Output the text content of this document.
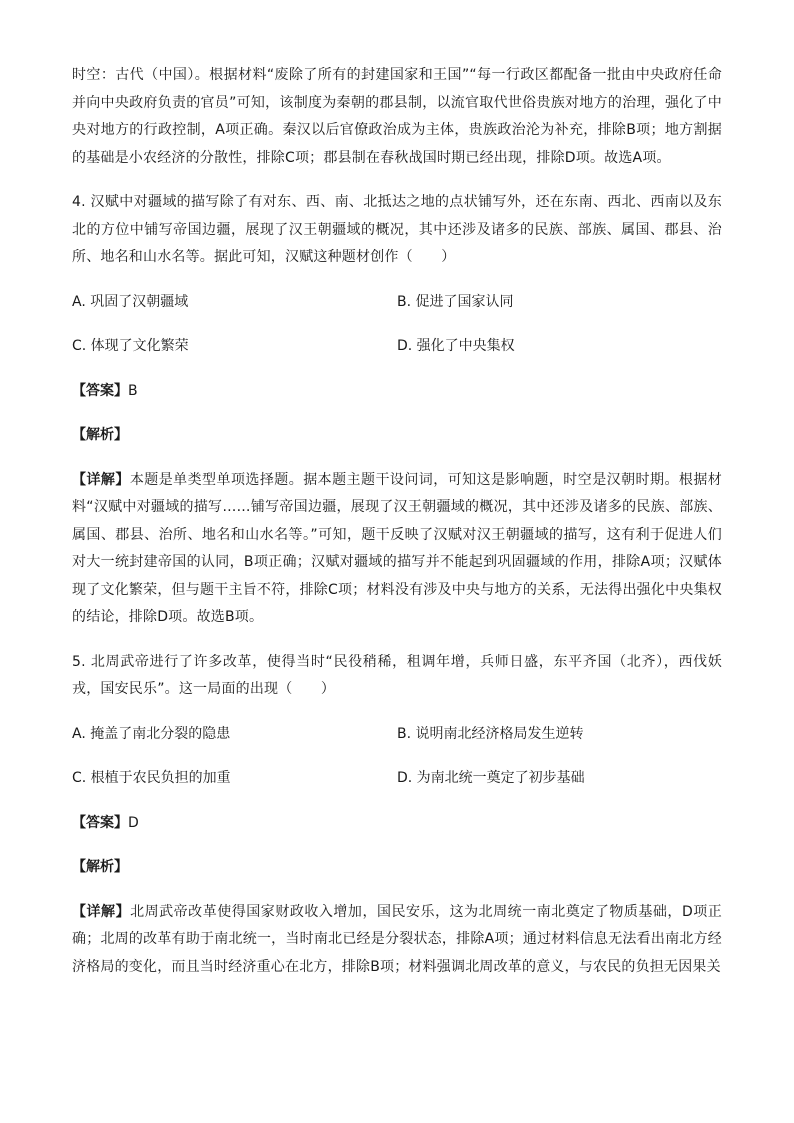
时空：古代（中国）。根据材料“废除了所有的封建国家和王国”“每一行政区都配备一批由中央政府任命并向中央政府负责的官员”可知，该制度为秦朝的郡县制，以流官取代世俗贵族对地方的治理，强化了中央对地方的行政控制，A项正确。秦汉以后官僚政治成为主体，贵族政治沦为补充，排除B项；地方割据的基础是小农经济的分散性，排除C项；郡县制在春秋战国时期已经出现，排除D项。故选A项。

4. 汉赋中对疆域的描写除了有对东、西、南、北抵达之地的点状铺写外，还在东南、西北、西南以及东北的方位中铺写帝国边疆，展现了汉王朝疆域的概况，其中还涉及诸多的民族、部族、属国、郡县、治所、地名和山水名等。据此可知，汉赋这种题材创作（　　）

A. 巩固了汉朝疆域	B. 促进了国家认同
C. 体现了文化繁荣	D. 强化了中央集权

【答案】B

【解析】

【详解】本题是单类型单项选择题。据本题主题干设问词，可知这是影响题，时空是汉朝时期。根据材料“汉赋中对疆域的描写……铺写帝国边疆，展现了汉王朝疆域的概况，其中还涉及诸多的民族、部族、属国、郡县、治所、地名和山水名等。”可知，题干反映了汉赋对汉王朝疆域的描写，这有利于促进人们对大一统封建帝国的认同，B项正确；汉赋对疆域的描写并不能起到巩固疆域的作用，排除A项；汉赋体现了文化繁荣，但与题干主旨不符，排除C项；材料没有涉及中央与地方的关系，无法得出强化中央集权的结论，排除D项。故选B项。

5. 北周武帝进行了许多改革，使得当时“民役稍稀，租调年增，兵师日盛，东平齐国（北齐），西伐妖戎，国安民乐”。这一局面的出现（　　）

A. 掩盖了南北分裂的隐患	B. 说明南北经济格局发生逆转
C. 根植于农民负担的加重	D. 为南北统一奠定了初步基础

【答案】D

【解析】

【详解】北周武帝改革使得国家财政收入增加，国民安乐，这为北周统一南北奠定了物质基础，D项正确；北周的改革有助于南北统一，当时南北已经是分裂状态，排除A项；通过材料信息无法看出南北方经济格局的变化，而且当时经济重心在北方，排除B项；材料强调北周改革的意义，与农民的负担无因果关
